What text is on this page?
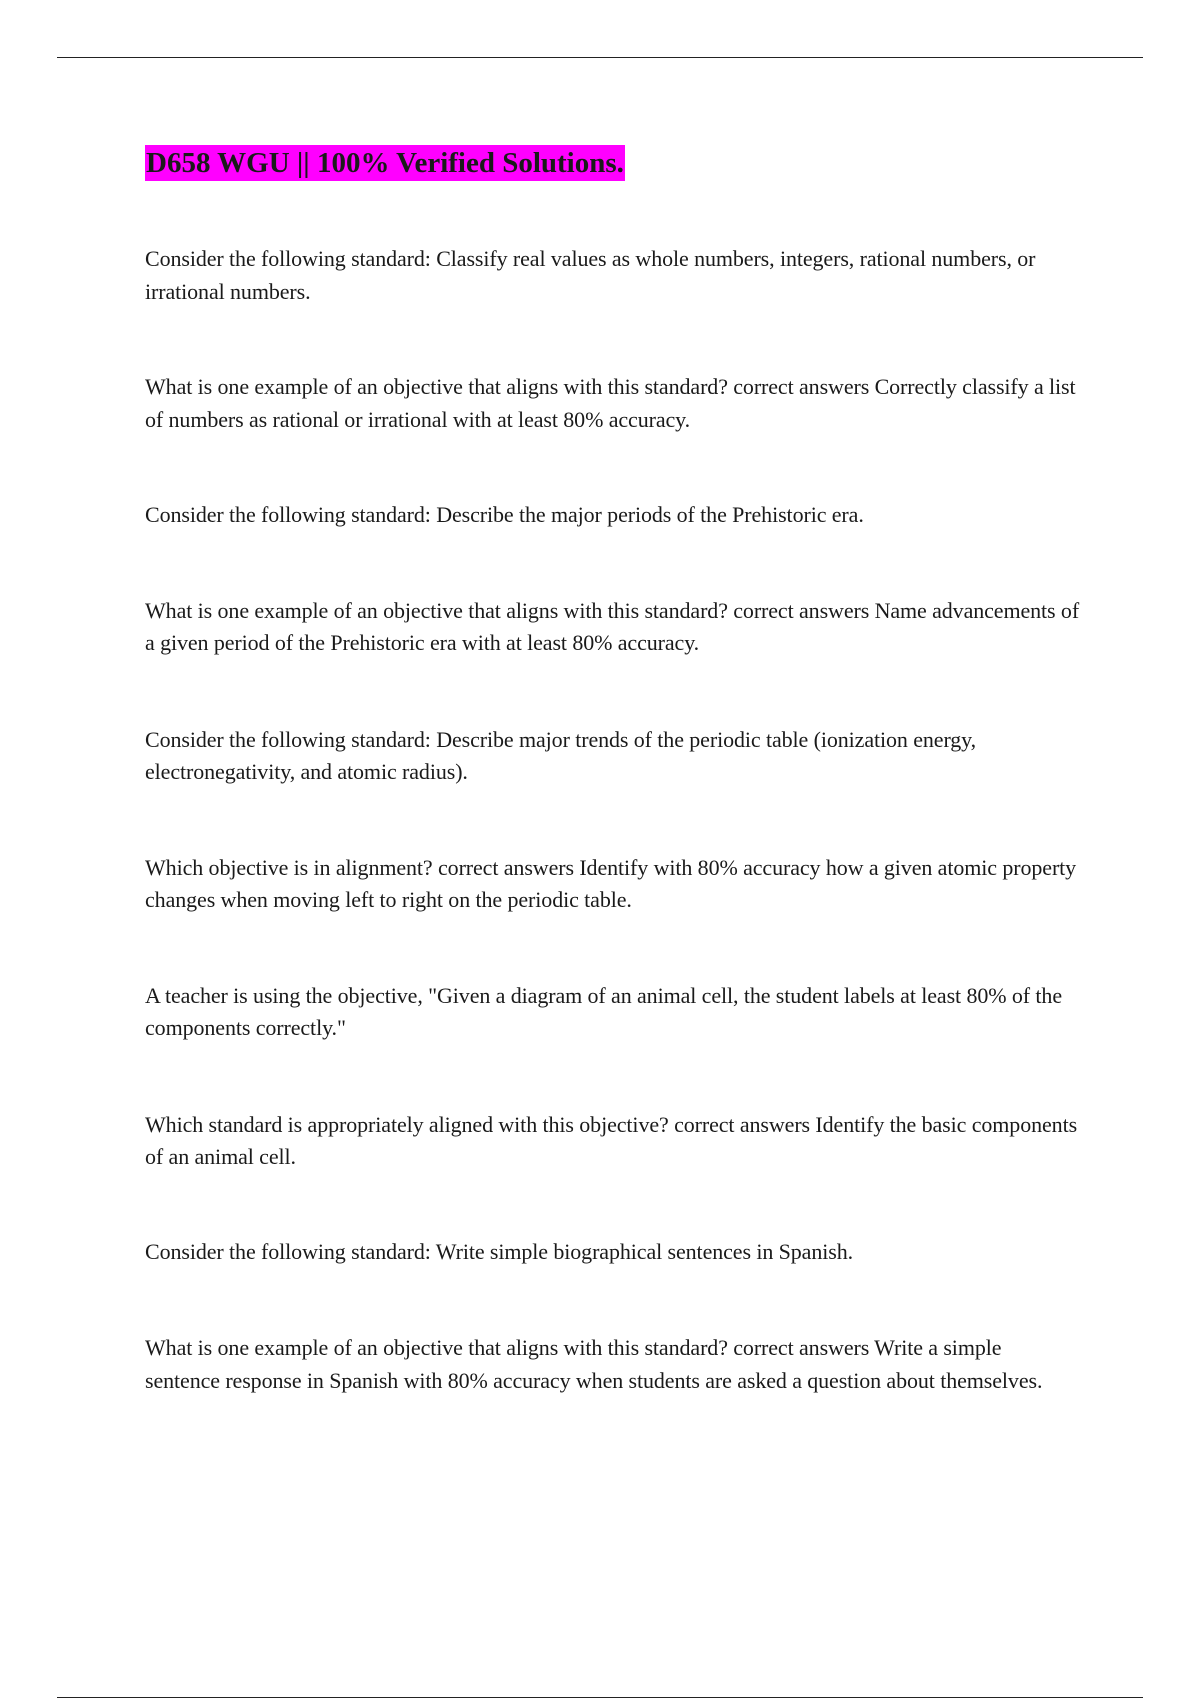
D658 WGU || 100% Verified Solutions.

Consider the following standard: Classify real values as whole numbers, integers, rational numbers, or irrational numbers.

What is one example of an objective that aligns with this standard? correct answers Correctly classify a list of numbers as rational or irrational with at least 80% accuracy.

Consider the following standard: Describe the major periods of the Prehistoric era.

What is one example of an objective that aligns with this standard? correct answers Name advancements of a given period of the Prehistoric era with at least 80% accuracy.

Consider the following standard: Describe major trends of the periodic table (ionization energy, electronegativity, and atomic radius).

Which objective is in alignment? correct answers Identify with 80% accuracy how a given atomic property changes when moving left to right on the periodic table.

A teacher is using the objective, "Given a diagram of an animal cell, the student labels at least 80% of the components correctly."

Which standard is appropriately aligned with this objective? correct answers Identify the basic components of an animal cell.

Consider the following standard: Write simple biographical sentences in Spanish.

What is one example of an objective that aligns with this standard? correct answers Write a simple sentence response in Spanish with 80% accuracy when students are asked a question about themselves.
